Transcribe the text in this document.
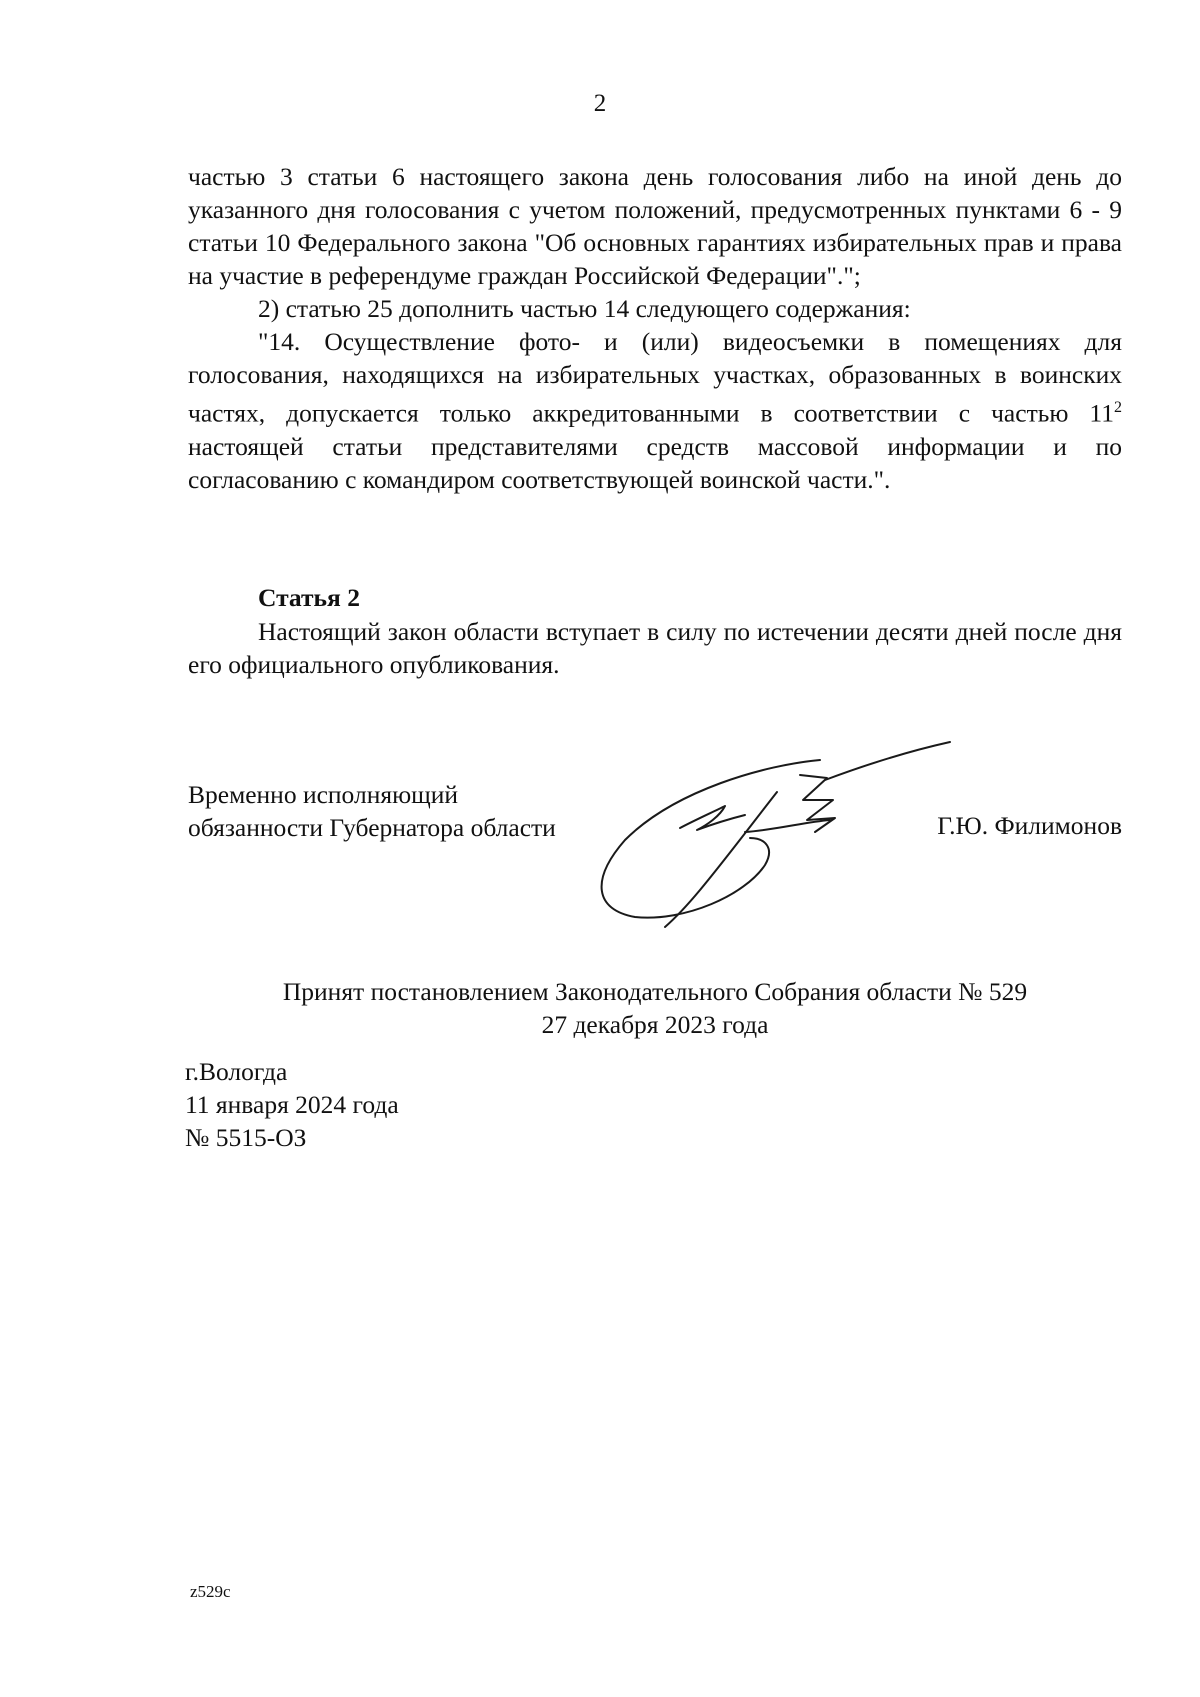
2

частью 3 статьи 6 настоящего закона день голосования либо на иной день до указанного дня голосования с учетом положений, предусмотренных пунктами 6 - 9 статьи 10 Федерального закона "Об основных гарантиях избирательных прав и права на участие в референдуме граждан Российской Федерации".";

2) статью 25 дополнить частью 14 следующего содержания:

"14. Осуществление фото- и (или) видеосъемки в помещениях для голосования, находящихся на избирательных участках, образованных в воинских частях, допускается только аккредитованными в соответствии с частью $11^2$ настоящей статьи представителями средств массовой информации и по согласованию с командиром соответствующей воинской части.".

Статья 2

Настоящий закон области вступает в силу по истечении десяти дней после дня его официального опубликования.

Временно исполняющий
обязанности Губернатора области	Г.Ю. Филимонов
Принят постановлением Законодательного Собрания области № 529
27 декабря 2023 года
г.Вологда
11 января 2024 года
№ 5515-ОЗ
z529c
